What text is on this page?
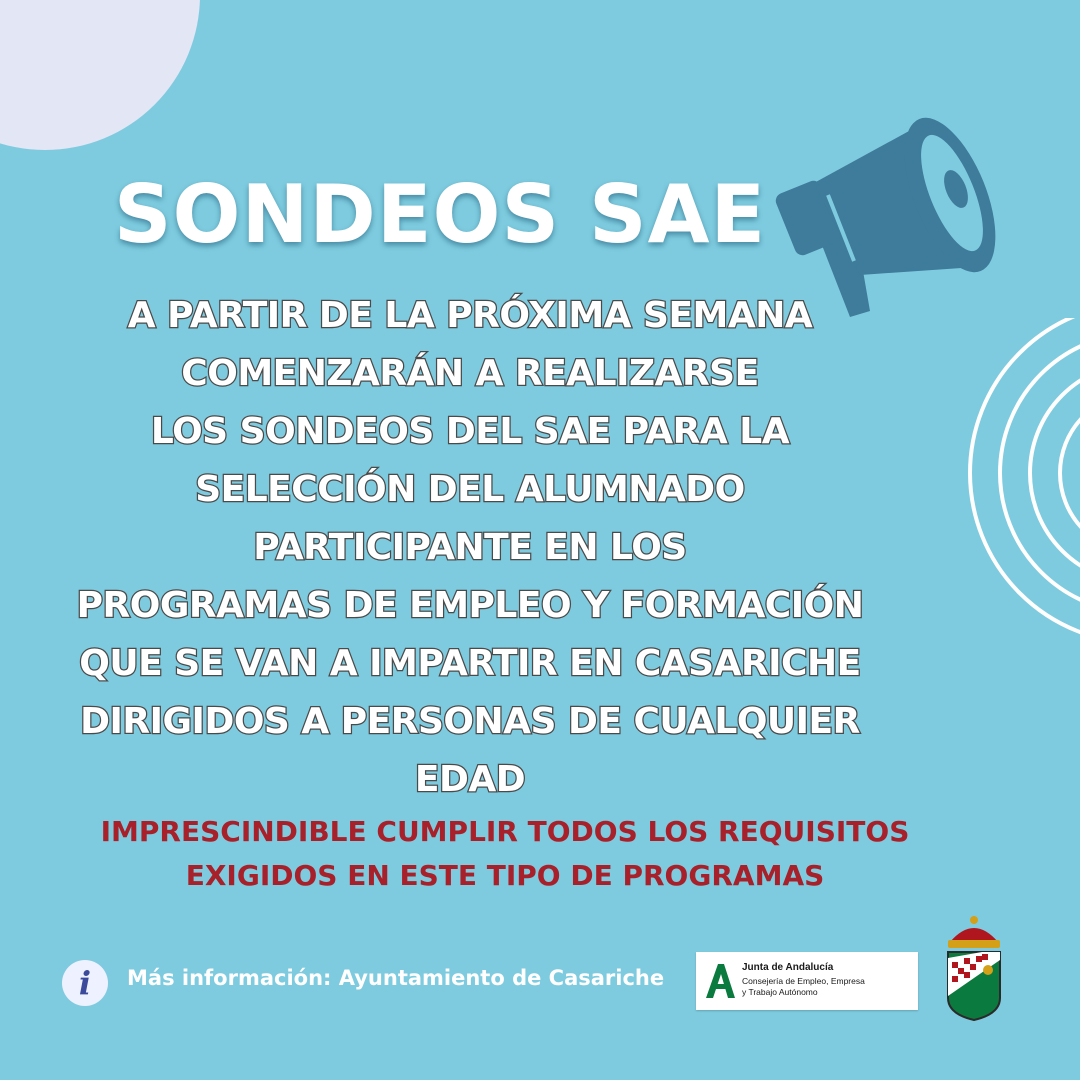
SONDEOS SAE
A PARTIR DE LA PRÓXIMA SEMANA
COMENZARÁN A REALIZARSE
LOS SONDEOS DEL SAE PARA LA
SELECCIÓN DEL ALUMNADO
PARTICIPANTE EN LOS
PROGRAMAS DE EMPLEO Y FORMACIÓN
QUE SE VAN A IMPARTIR EN CASARICHE
DIRIGIDOS A PERSONAS DE CUALQUIER
EDAD
IMPRESCINDIBLE CUMPLIR TODOS LOS REQUISITOS
EXIGIDOS EN ESTE TIPO DE PROGRAMAS
i	Más información: Ayuntamiento de Casariche	Junta de Andalucía
Consejería de Empleo, Empresa
y Trabajo Autónomo
